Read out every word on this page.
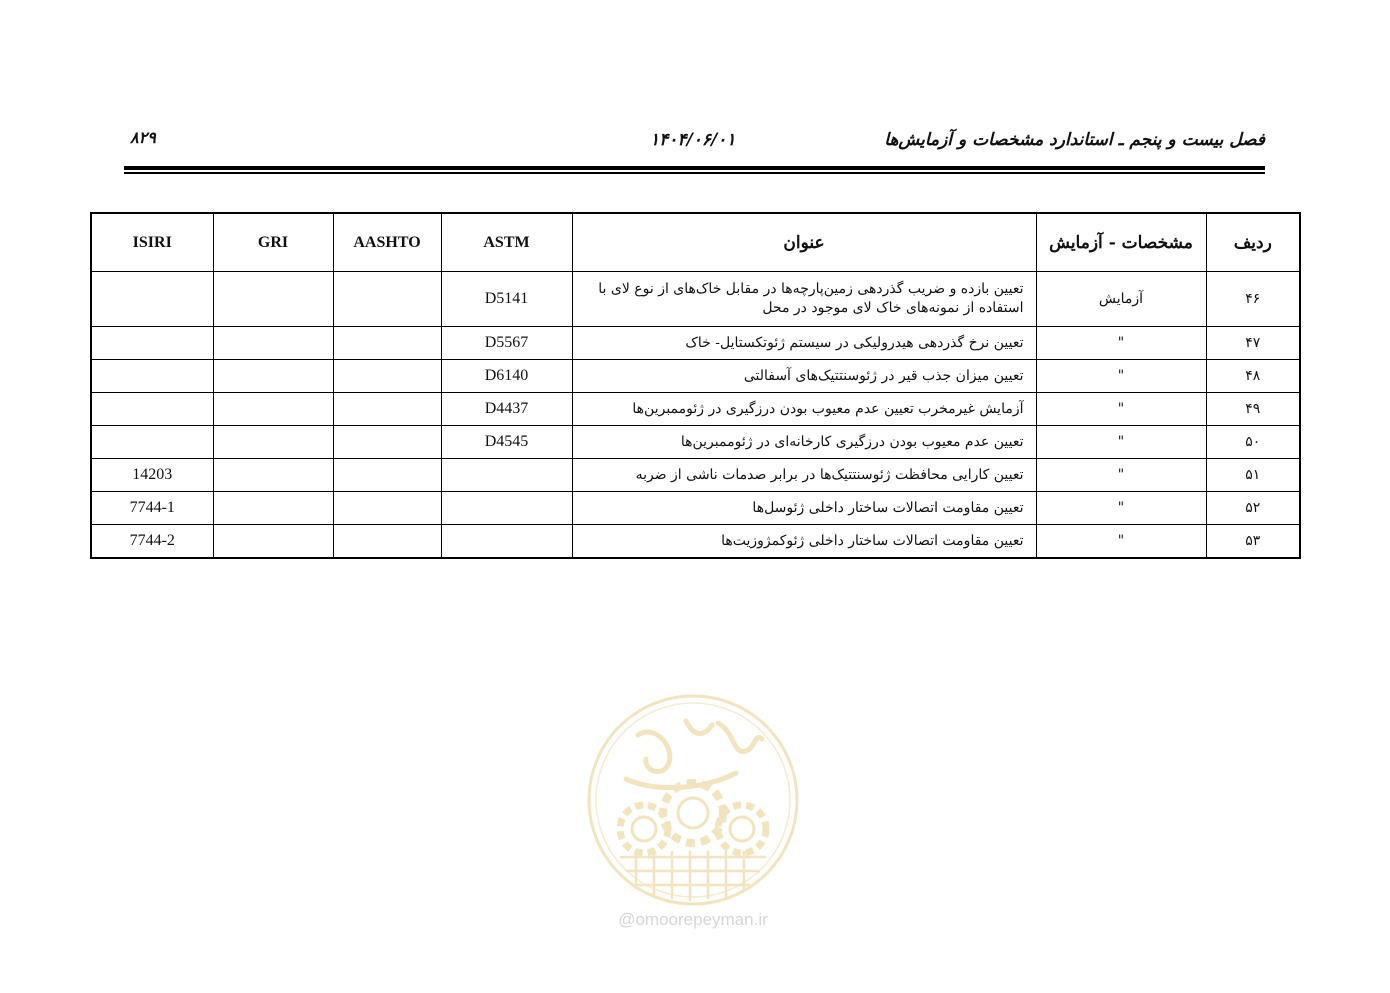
فصل بیست و پنجم ـ استاندارد مشخصات و آزمایش‌ها
۱۴۰۴/۰۶/۰۱
۸۲۹
ردیف	مشخصات - آزمایش	عنوان	ASTM	AASHTO	GRI	ISIRI
۴۶	آزمایش	تعیین بازده و ضریب گذردهی زمین‌پارچه‌ها در مقابل خاک‌های از نوع لای با استفاده از نمونه‌های خاک لای موجود در محل	D5141			
۴۷	"	تعیین نرخ گذردهی هیدرولیکی در سیستم ژئوتکستایل- خاک	D5567			
۴۸	"	تعیین میزان جذب قیر در ژئوسنتتیک‌های آسفالتی	D6140			
۴۹	"	آزمایش غیرمخرب تعیین عدم معیوب بودن درزگیری در ژئوممبرین‌ها	D4437			
۵۰	"	تعیین عدم معیوب بودن درزگیری کارخانه‌ای در ژئوممبرین‌ها	D4545			
۵۱	"	تعیین کارایی محافظت ژئوسنتتیک‌ها در برابر صدمات ناشی از ضربه				14203
۵۲	"	تعیین مقاومت اتصالات ساختار داخلی ژئوسل‌ها				7744-1
۵۳	"	تعیین مقاومت اتصالات ساختار داخلی ژئوکمژوزیت‌ها				7744-2
@omoorepeyman.ir
